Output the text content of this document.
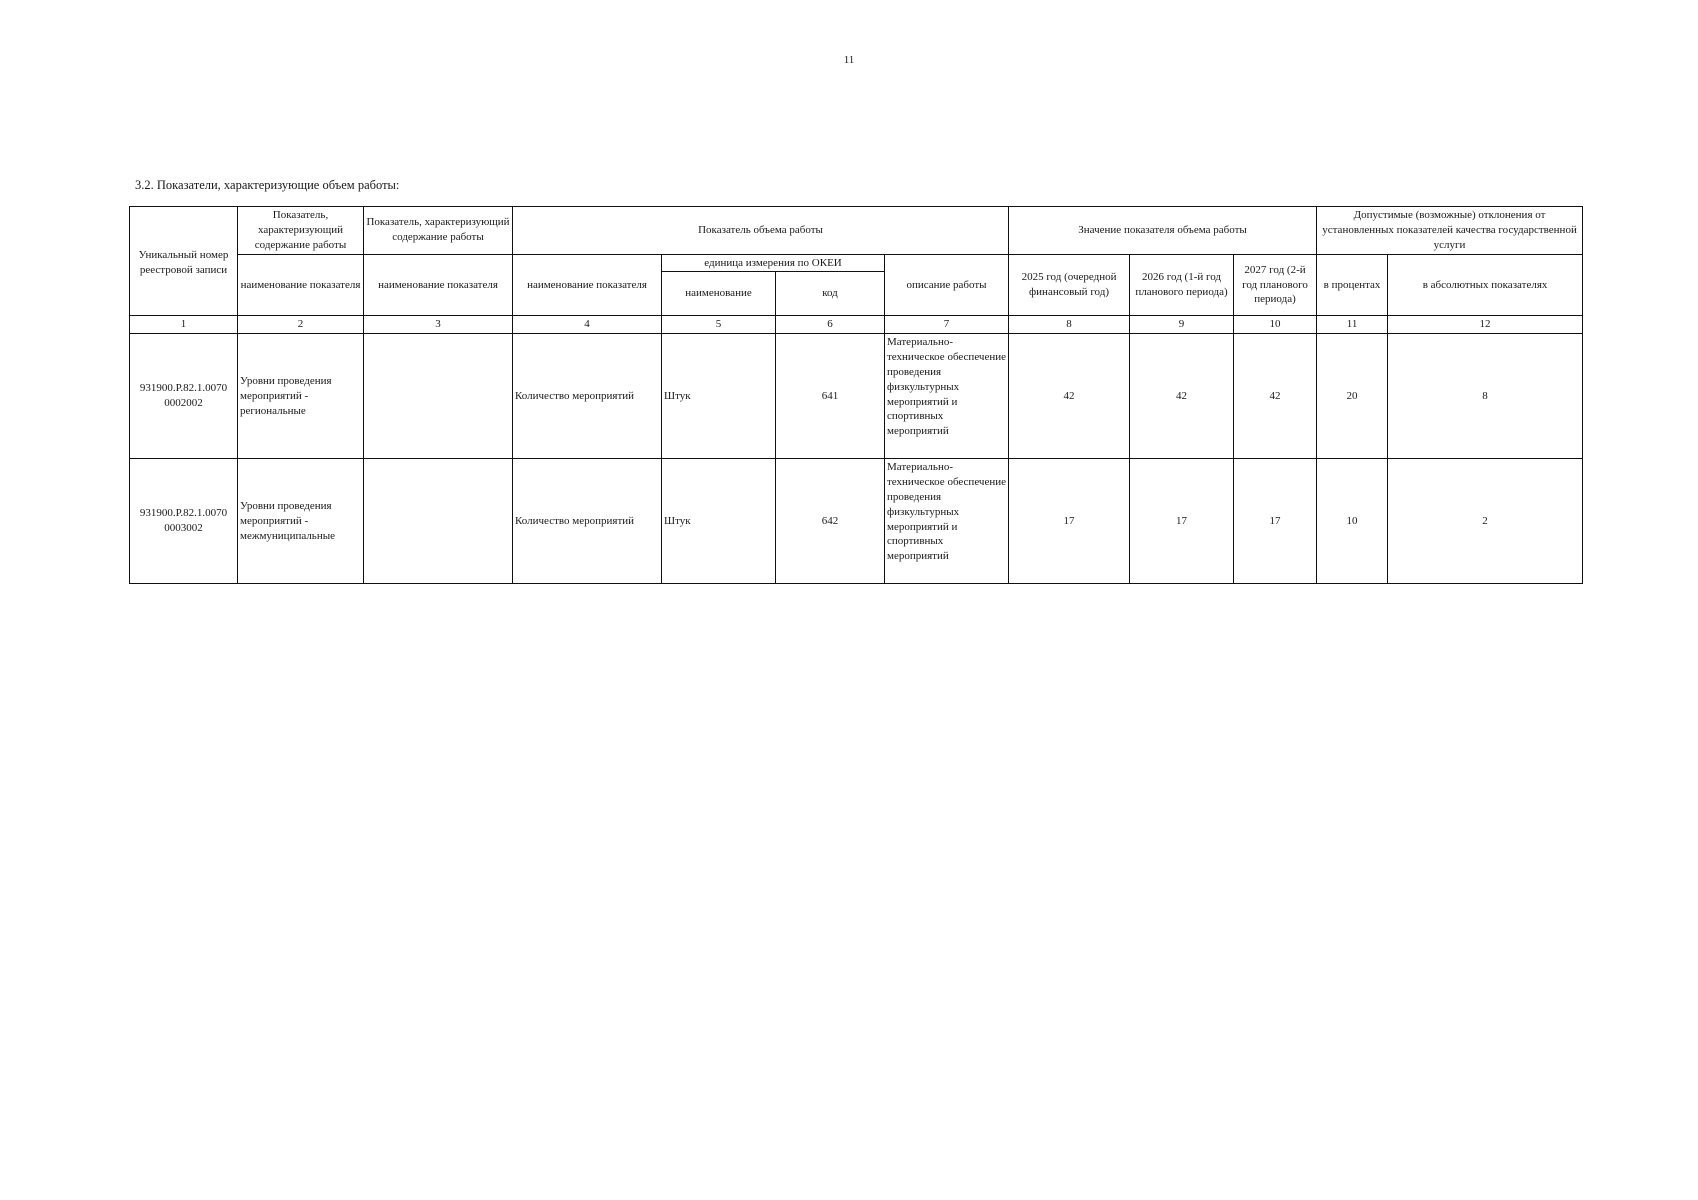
11
3.2. Показатели, характеризующие объем работы:
Уникальный номер реестровой записи	Показатель, характеризующий содержание работы	Показатель, характеризующий содержание работы	Показатель объема работы				Значение показателя объема работы			Допустимые (возможные) отклонения от установленных показателей качества государственной услуги	
	наименование показателя	наименование показателя	наименование показателя	единица измерения по ОКЕИ		описание работы	2025 год (очередной финансовый год)	2026 год (1-й год планового периода)	2027 год (2-й год планового периода)	в процентах	в абсолютных показателях
				наименование	код						
1	2	3	4	5	6	7	8	9	10	11	12
931900.Р.82.1.0070 0002002	Уровни проведения мероприятий - региональные		Количество мероприятий	Штук	641	Материально-техническое обеспечение проведения физкультурных мероприятий и спортивных мероприятий	42	42	42	20	8
931900.Р.82.1.0070 0003002	Уровни проведения мероприятий - межмуниципальные		Количество мероприятий	Штук	642	Материально-техническое обеспечение проведения физкультурных мероприятий и спортивных мероприятий	17	17	17	10	2
